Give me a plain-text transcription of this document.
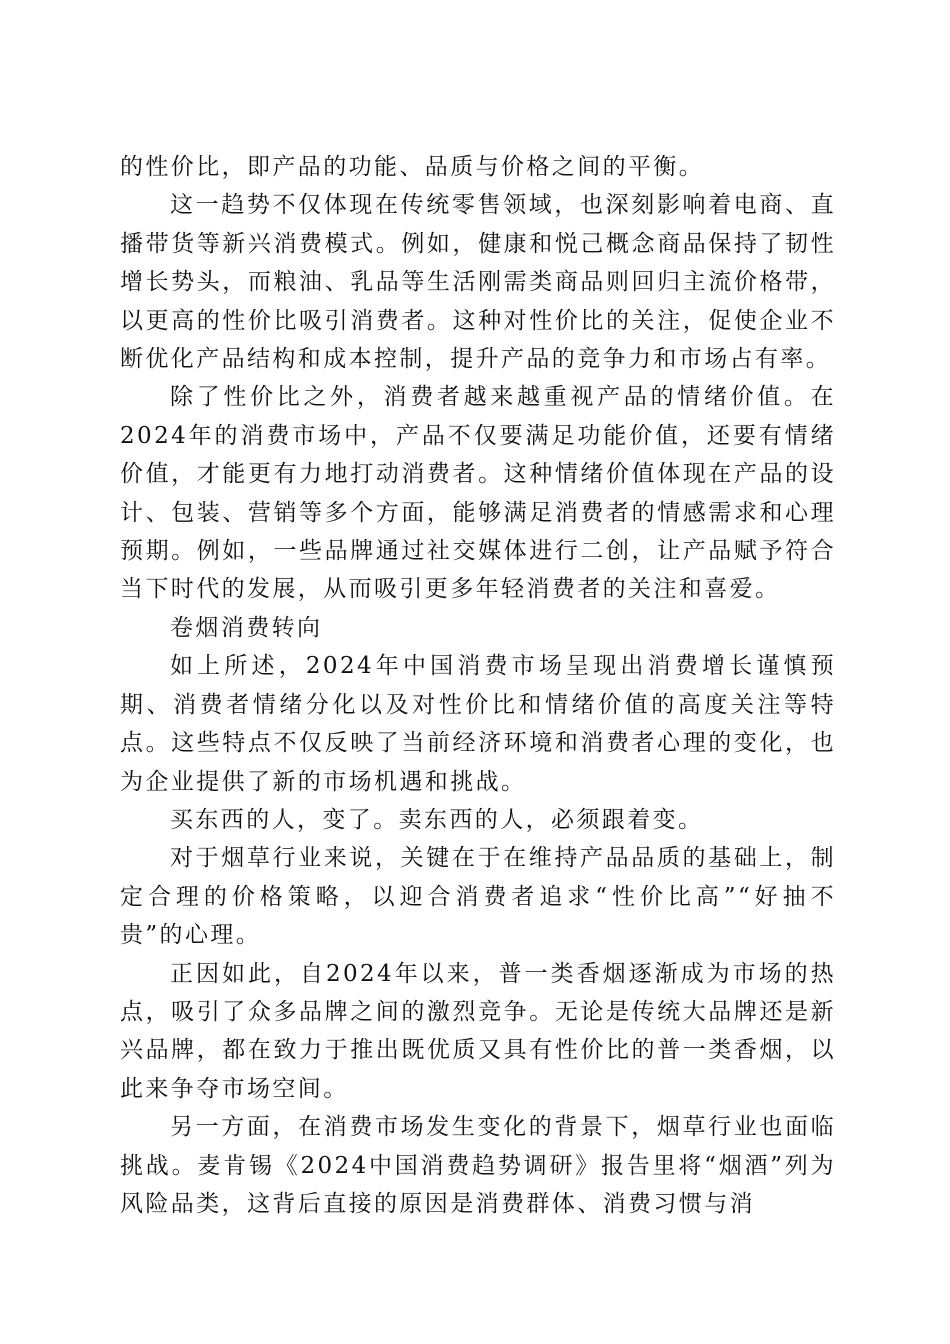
的性价比，即产品的功能、品质与价格之间的平衡。

这一趋势不仅体现在传统零售领域，也深刻影响着电商、直播带货等新兴消费模式。例如，健康和悦己概念商品保持了韧性增长势头，而粮油、乳品等生活刚需类商品则回归主流价格带，以更高的性价比吸引消费者。这种对性价比的关注，促使企业不断优化产品结构和成本控制，提升产品的竞争力和市场占有率。

除了性价比之外，消费者越来越重视产品的情绪价值。在2024年的消费市场中，产品不仅要满足功能价值，还要有情绪价值，才能更有力地打动消费者。这种情绪价值体现在产品的设计、包装、营销等多个方面，能够满足消费者的情感需求和心理预期。例如，一些品牌通过社交媒体进行二创，让产品赋予符合当下时代的发展，从而吸引更多年轻消费者的关注和喜爱。

卷烟消费转向

如上所述，2024年中国消费市场呈现出消费增长谨慎预期、消费者情绪分化以及对性价比和情绪价值的高度关注等特点。这些特点不仅反映了当前经济环境和消费者心理的变化，也为企业提供了新的市场机遇和挑战。

买东西的人，变了。卖东西的人，必须跟着变。

对于烟草行业来说，关键在于在维持产品品质的基础上，制定合理的价格策略，以迎合消费者追求“性价比高”“好抽不贵”的心理。

正因如此，自2024年以来，普一类香烟逐渐成为市场的热点，吸引了众多品牌之间的激烈竞争。无论是传统大品牌还是新兴品牌，都在致力于推出既优质又具有性价比的普一类香烟，以此来争夺市场空间。

另一方面，在消费市场发生变化的背景下，烟草行业也面临挑战。麦肯锡《2024中国消费趋势调研》报告里将“烟酒”列为风险品类，这背后直接的原因是消费群体、消费习惯与消
